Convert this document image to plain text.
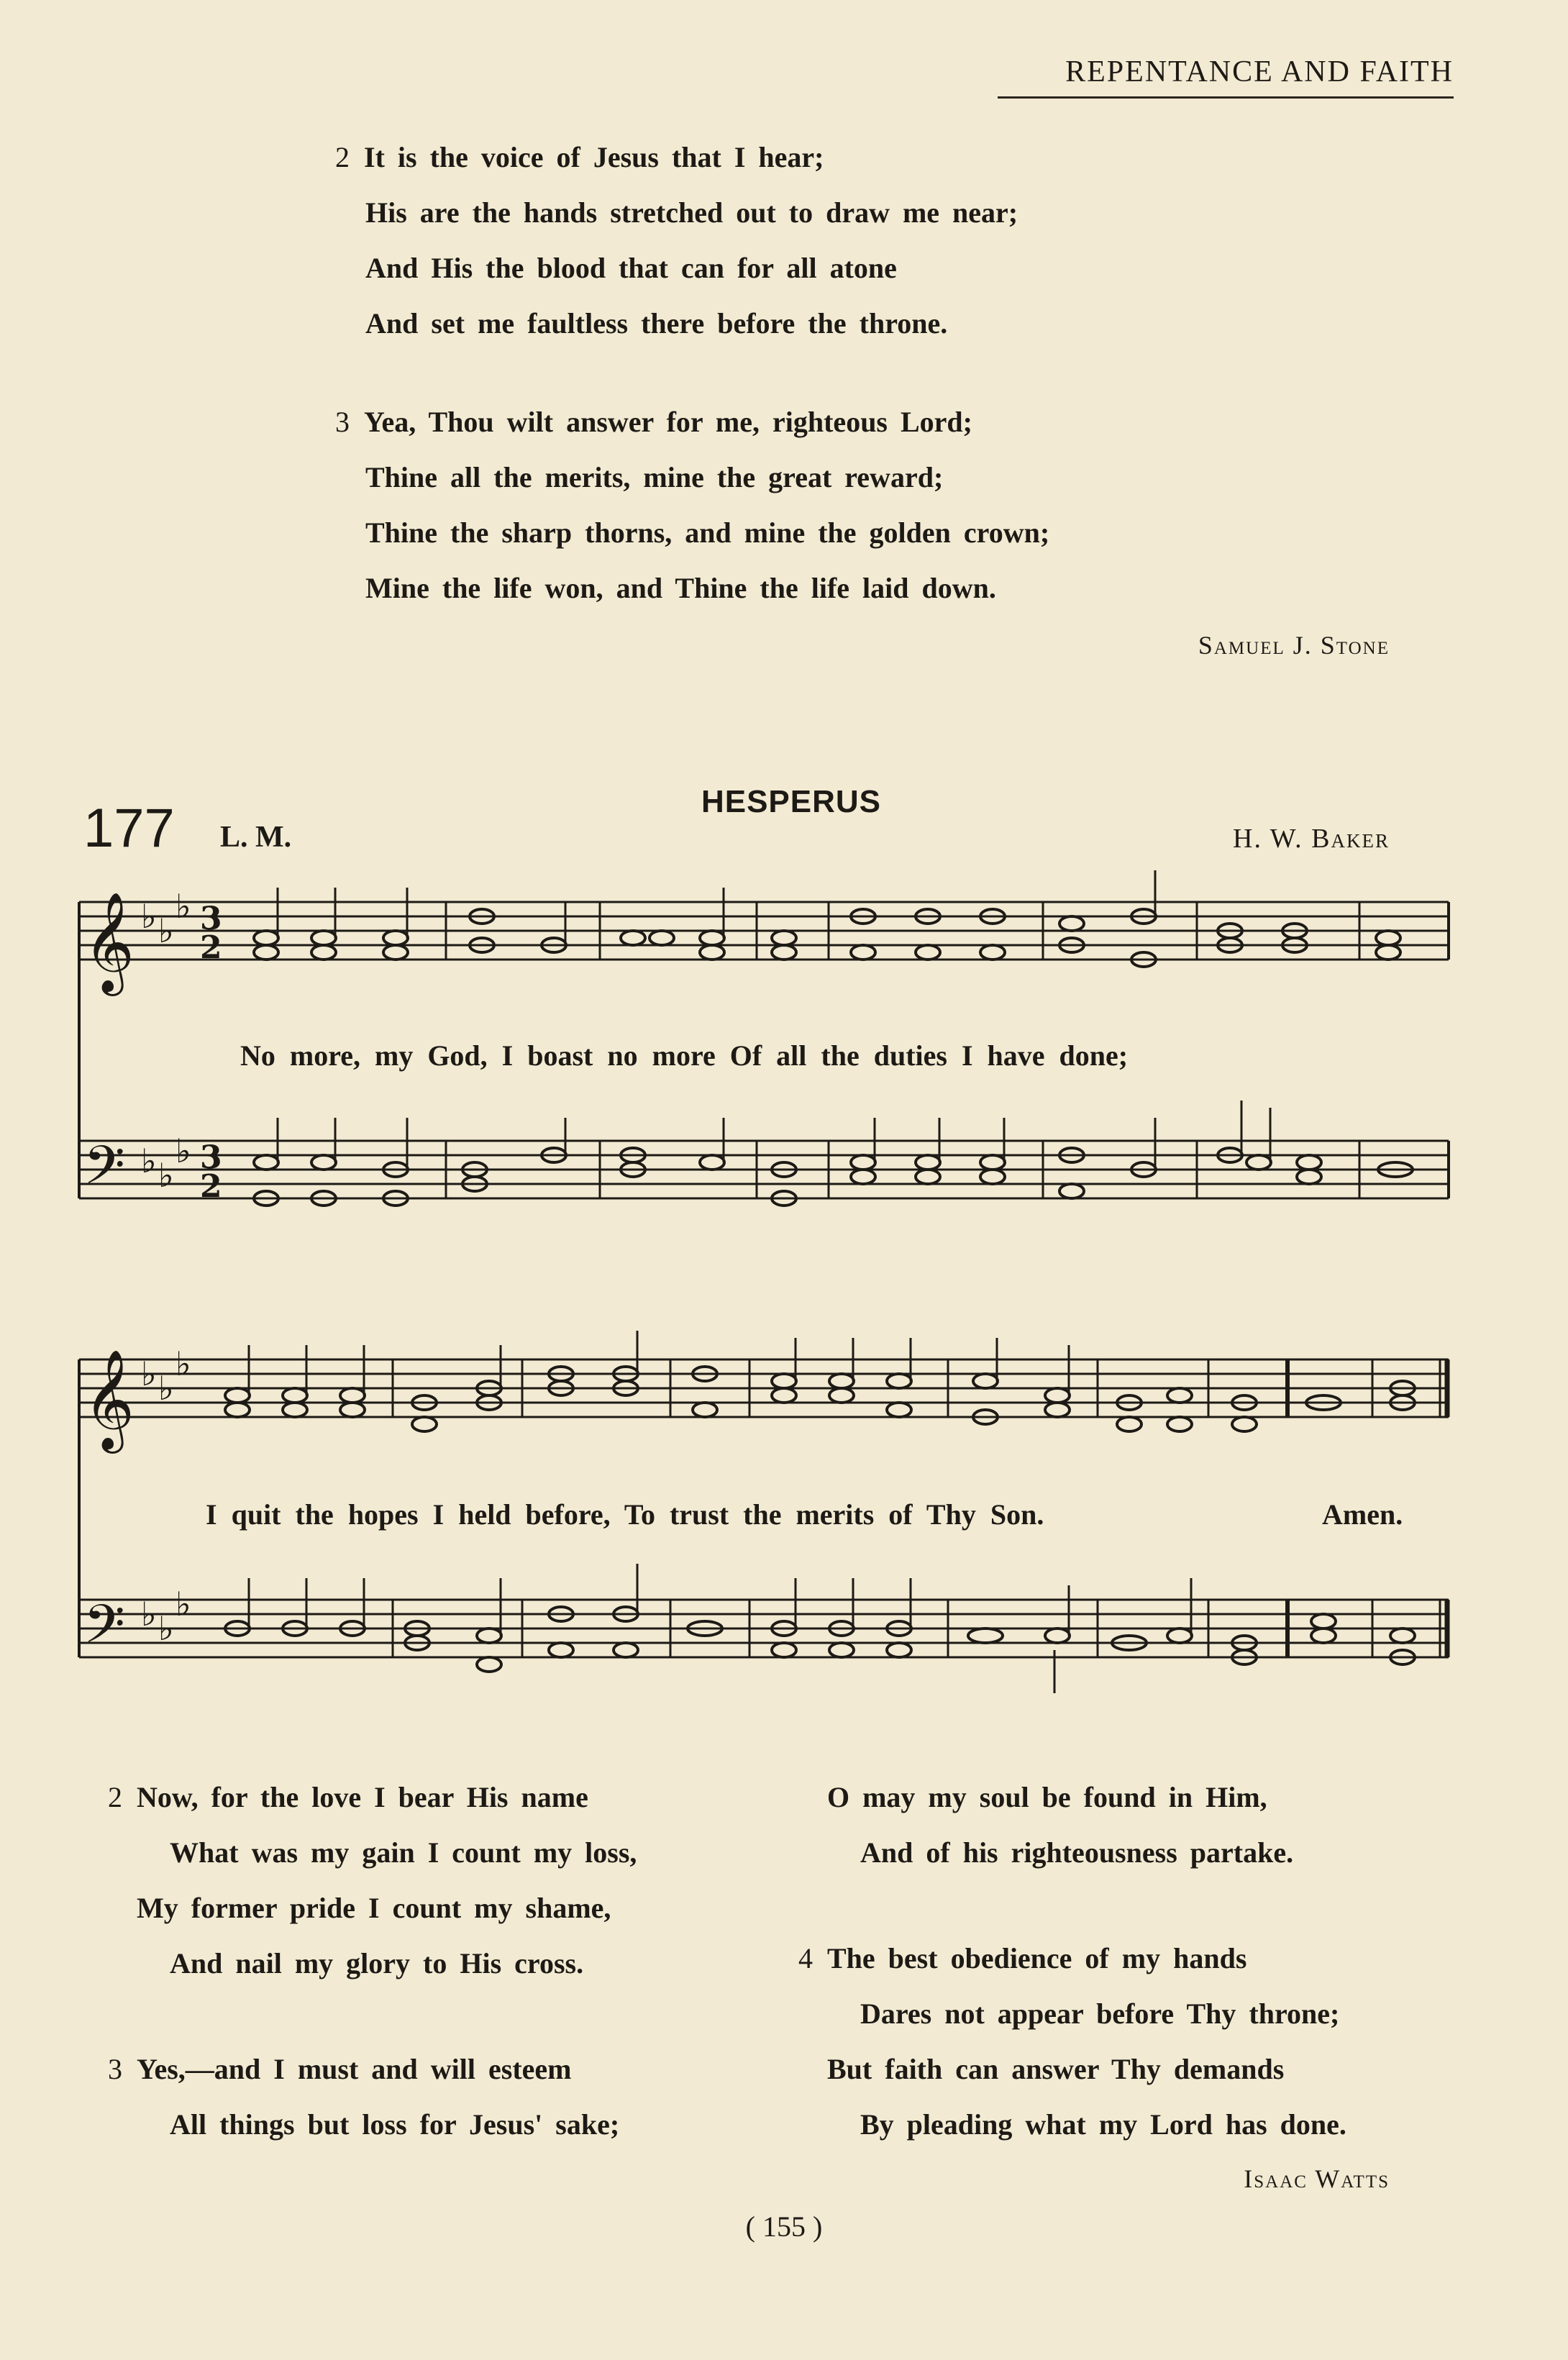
REPENTANCE AND FAITH
2 It is the voice of Jesus that I hear;
His are the hands stretched out to draw me near;
And His the blood that can for all atone
And set me faultless there before the throne.
3 Yea, Thou wilt answer for me, righteous Lord;
Thine all the merits, mine the great reward;
Thine the sharp thorns, and mine the golden crown;
Mine the life won, and Thine the life laid down.
Samuel J. Stone
177 L. M.
HESPERUS
H. W. Baker
𝄞
𝄢
𝄞
𝄢
♭ ♭
♭
♭ ♭
♭
♭ ♭
♭
♭ ♭
♭
3
2
3
2
No more, my God, I boast no more Of all the duties I have done;
I quit the hopes I held before, To trust the merits of Thy Son.	Amen.
2 Now, for the love I bear His name
What was my gain I count my loss,
My former pride I count my shame,
And nail my glory to His cross.
3 Yes,—and I must and will esteem
All things but loss for Jesus' sake;
O may my soul be found in Him,
And of his righteousness partake.
4 The best obedience of my hands
Dares not appear before Thy throne;
But faith can answer Thy demands
By pleading what my Lord has done.
Isaac Watts
( 155 )
